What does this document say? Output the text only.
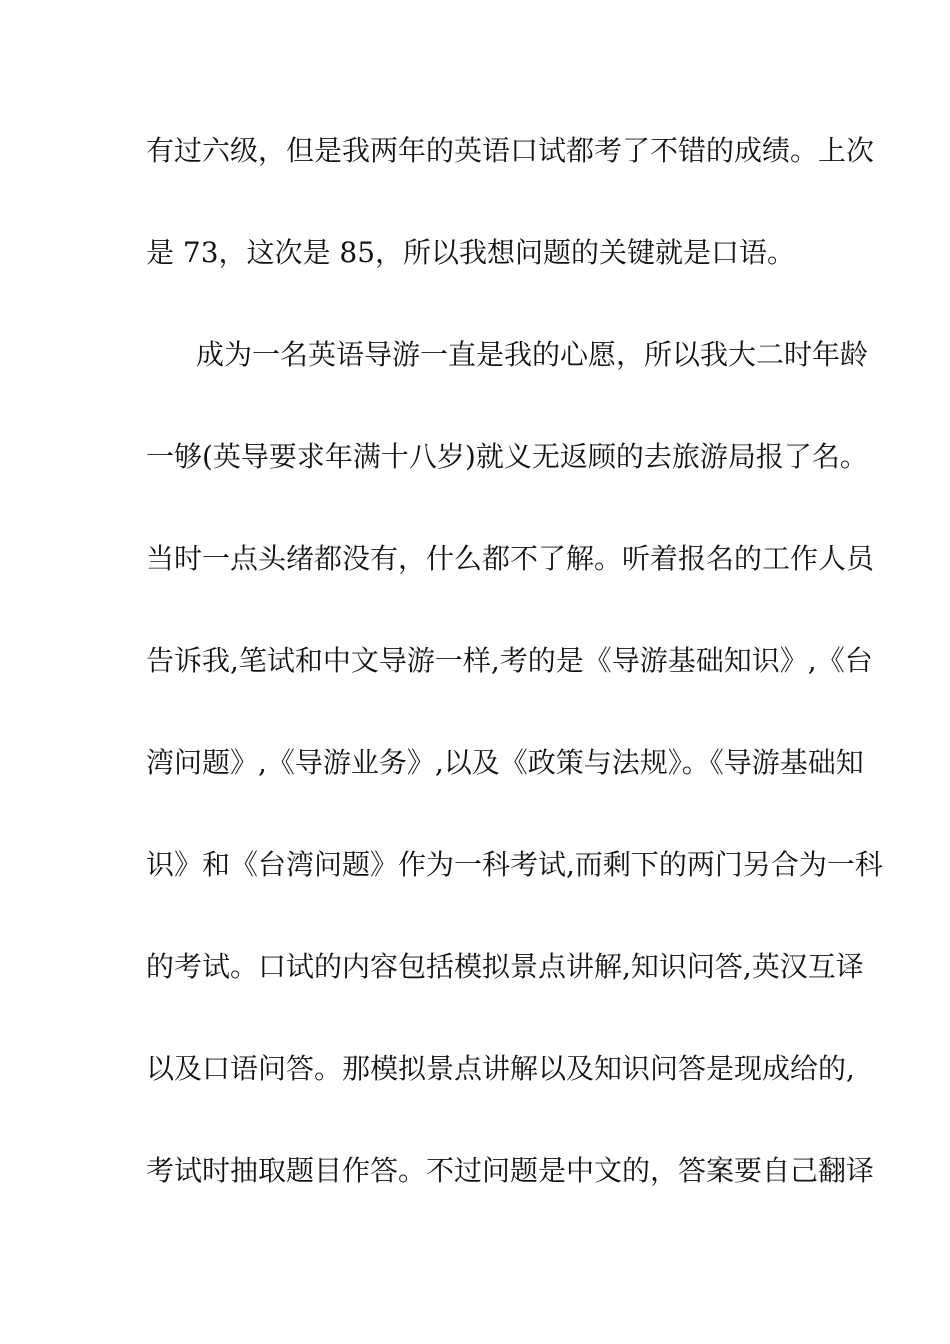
有过六级，但是我两年的英语口试都考了不错的成绩。上次
是 73，这次是 85，所以我想问题的关键就是口语。
成为一名英语导游一直是我的心愿，所以我大二时年龄
一够(英导要求年满十八岁)就义无返顾的去旅游局报了名。
当时一点头绪都没有，什么都不了解。听着报名的工作人员
告诉我,笔试和中文导游一样,考的是《导游基础知识》,《台
湾问题》,《导游业务》,以及《政策与法规》。《导游基础知
识》和《台湾问题》作为一科考试,而剩下的两门另合为一科
的考试。口试的内容包括模拟景点讲解,知识问答,英汉互译
以及口语问答。那模拟景点讲解以及知识问答是现成给的,
考试时抽取题目作答。不过问题是中文的，答案要自己翻译
